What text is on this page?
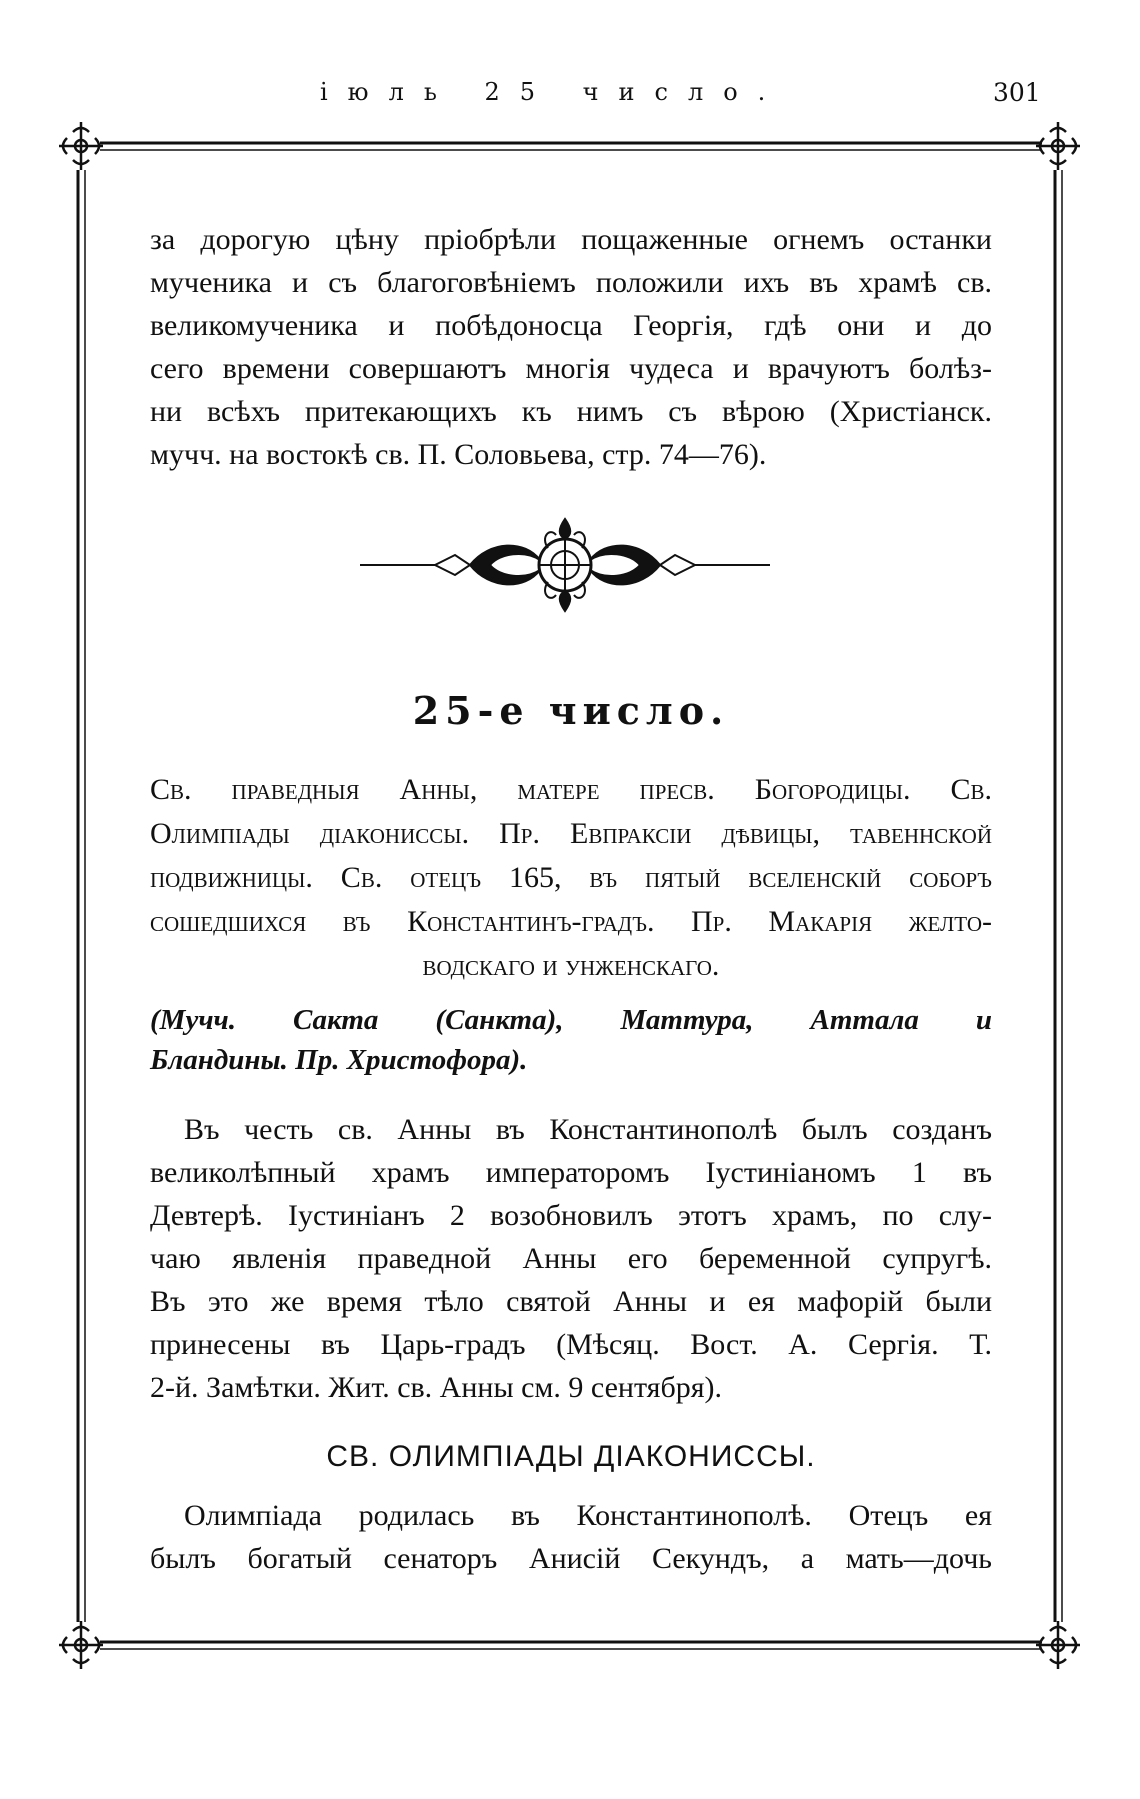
іюль 25 число.	301
за дорогую цѣну пріобрѣли пощаженные огнемъ останки
мученика и съ благоговѣніемъ положили ихъ въ храмѣ св.
великомученика и побѣдоносца Георгія, гдѣ они и до
сего времени совершаютъ многія чудеса и врачуютъ болѣз-
ни всѣхъ притекающихъ къ нимъ съ вѣрою (Христіанск.
мучч. на востокѣ св. П. Соловьева, стр. 74—76).
25-е число.
Св. праведныя Анны, матере пресв. Богородицы. Св.
Олимпіады діакониссы. Пр. Евпраксіи дѣвицы, тавеннской
подвижницы. Св. отецъ 165, въ пятый вселенскій соборъ
сошедшихся въ Константинъ-градъ. Пр. Макарія желто-
водскаго и унженскаго.
(Мучч. Сакта (Санкта), Маттура, Аттала и
Бландины. Пр. Христофора).
Въ честь св. Анны въ Константинополѣ былъ созданъ
великолѣпный храмъ императоромъ Іустиніаномъ 1 въ
Девтерѣ. Іустиніанъ 2 возобновилъ этотъ храмъ, по слу-
чаю явленія праведной Анны его беременной супругѣ.
Въ это же время тѣло святой Анны и ея мафорій были
принесены въ Царь-градъ (Мѣсяц. Вост. А. Сергія. Т.
2-й. Замѣтки. Жит. св. Анны см. 9 сентября).
СВ. ОЛИМПІАДЫ ДІАКОНИССЫ.
Олимпіада родилась въ Константинополѣ. Отецъ ея
былъ богатый сенаторъ Анисій Секундъ, а мать—дочь
